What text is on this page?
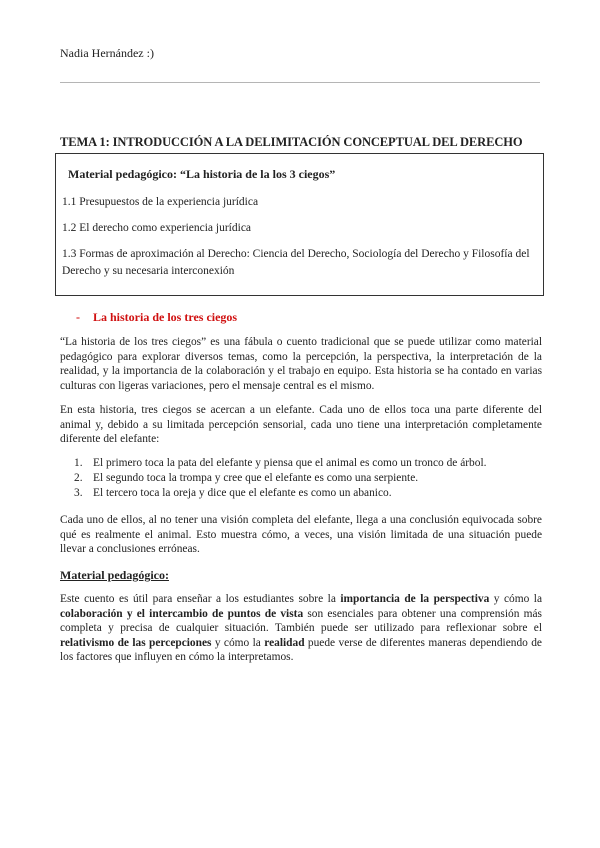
Nadia Hernández :)
TEMA 1: INTRODUCCIÓN A LA DELIMITACIÓN CONCEPTUAL DEL DERECHO
Material pedagógico: “La historia de la los 3 ciegos”
1.1 Presupuestos de la experiencia jurídica
1.2 El derecho como experiencia jurídica
1.3 Formas de aproximación al Derecho: Ciencia del Derecho, Sociología del Derecho y Filosofía del Derecho y su necesaria interconexión
- La historia de los tres ciegos
“La historia de los tres ciegos” es una fábula o cuento tradicional que se puede utilizar como material pedagógico para explorar diversos temas, como la percepción, la perspectiva, la interpretación de la realidad, y la importancia de la colaboración y el trabajo en equipo. Esta historia se ha contado en varias culturas con ligeras variaciones, pero el mensaje central es el mismo.
En esta historia, tres ciegos se acercan a un elefante. Cada uno de ellos toca una parte diferente del animal y, debido a su limitada percepción sensorial, cada uno tiene una interpretación completamente diferente del elefante:
1. El primero toca la pata del elefante y piensa que el animal es como un tronco de árbol.
2. El segundo toca la trompa y cree que el elefante es como una serpiente.
3. El tercero toca la oreja y dice que el elefante es como un abanico.
Cada uno de ellos, al no tener una visión completa del elefante, llega a una conclusión equivocada sobre qué es realmente el animal. Esto muestra cómo, a veces, una visión limitada de una situación puede llevar a conclusiones erróneas.
Material pedagógico:
Este cuento es útil para enseñar a los estudiantes sobre la importancia de la perspectiva y cómo la colaboración y el intercambio de puntos de vista son esenciales para obtener una comprensión más completa y precisa de cualquier situación. También puede ser utilizado para reflexionar sobre el relativismo de las percepciones y cómo la realidad puede verse de diferentes maneras dependiendo de los factores que influyen en cómo la interpretamos.
